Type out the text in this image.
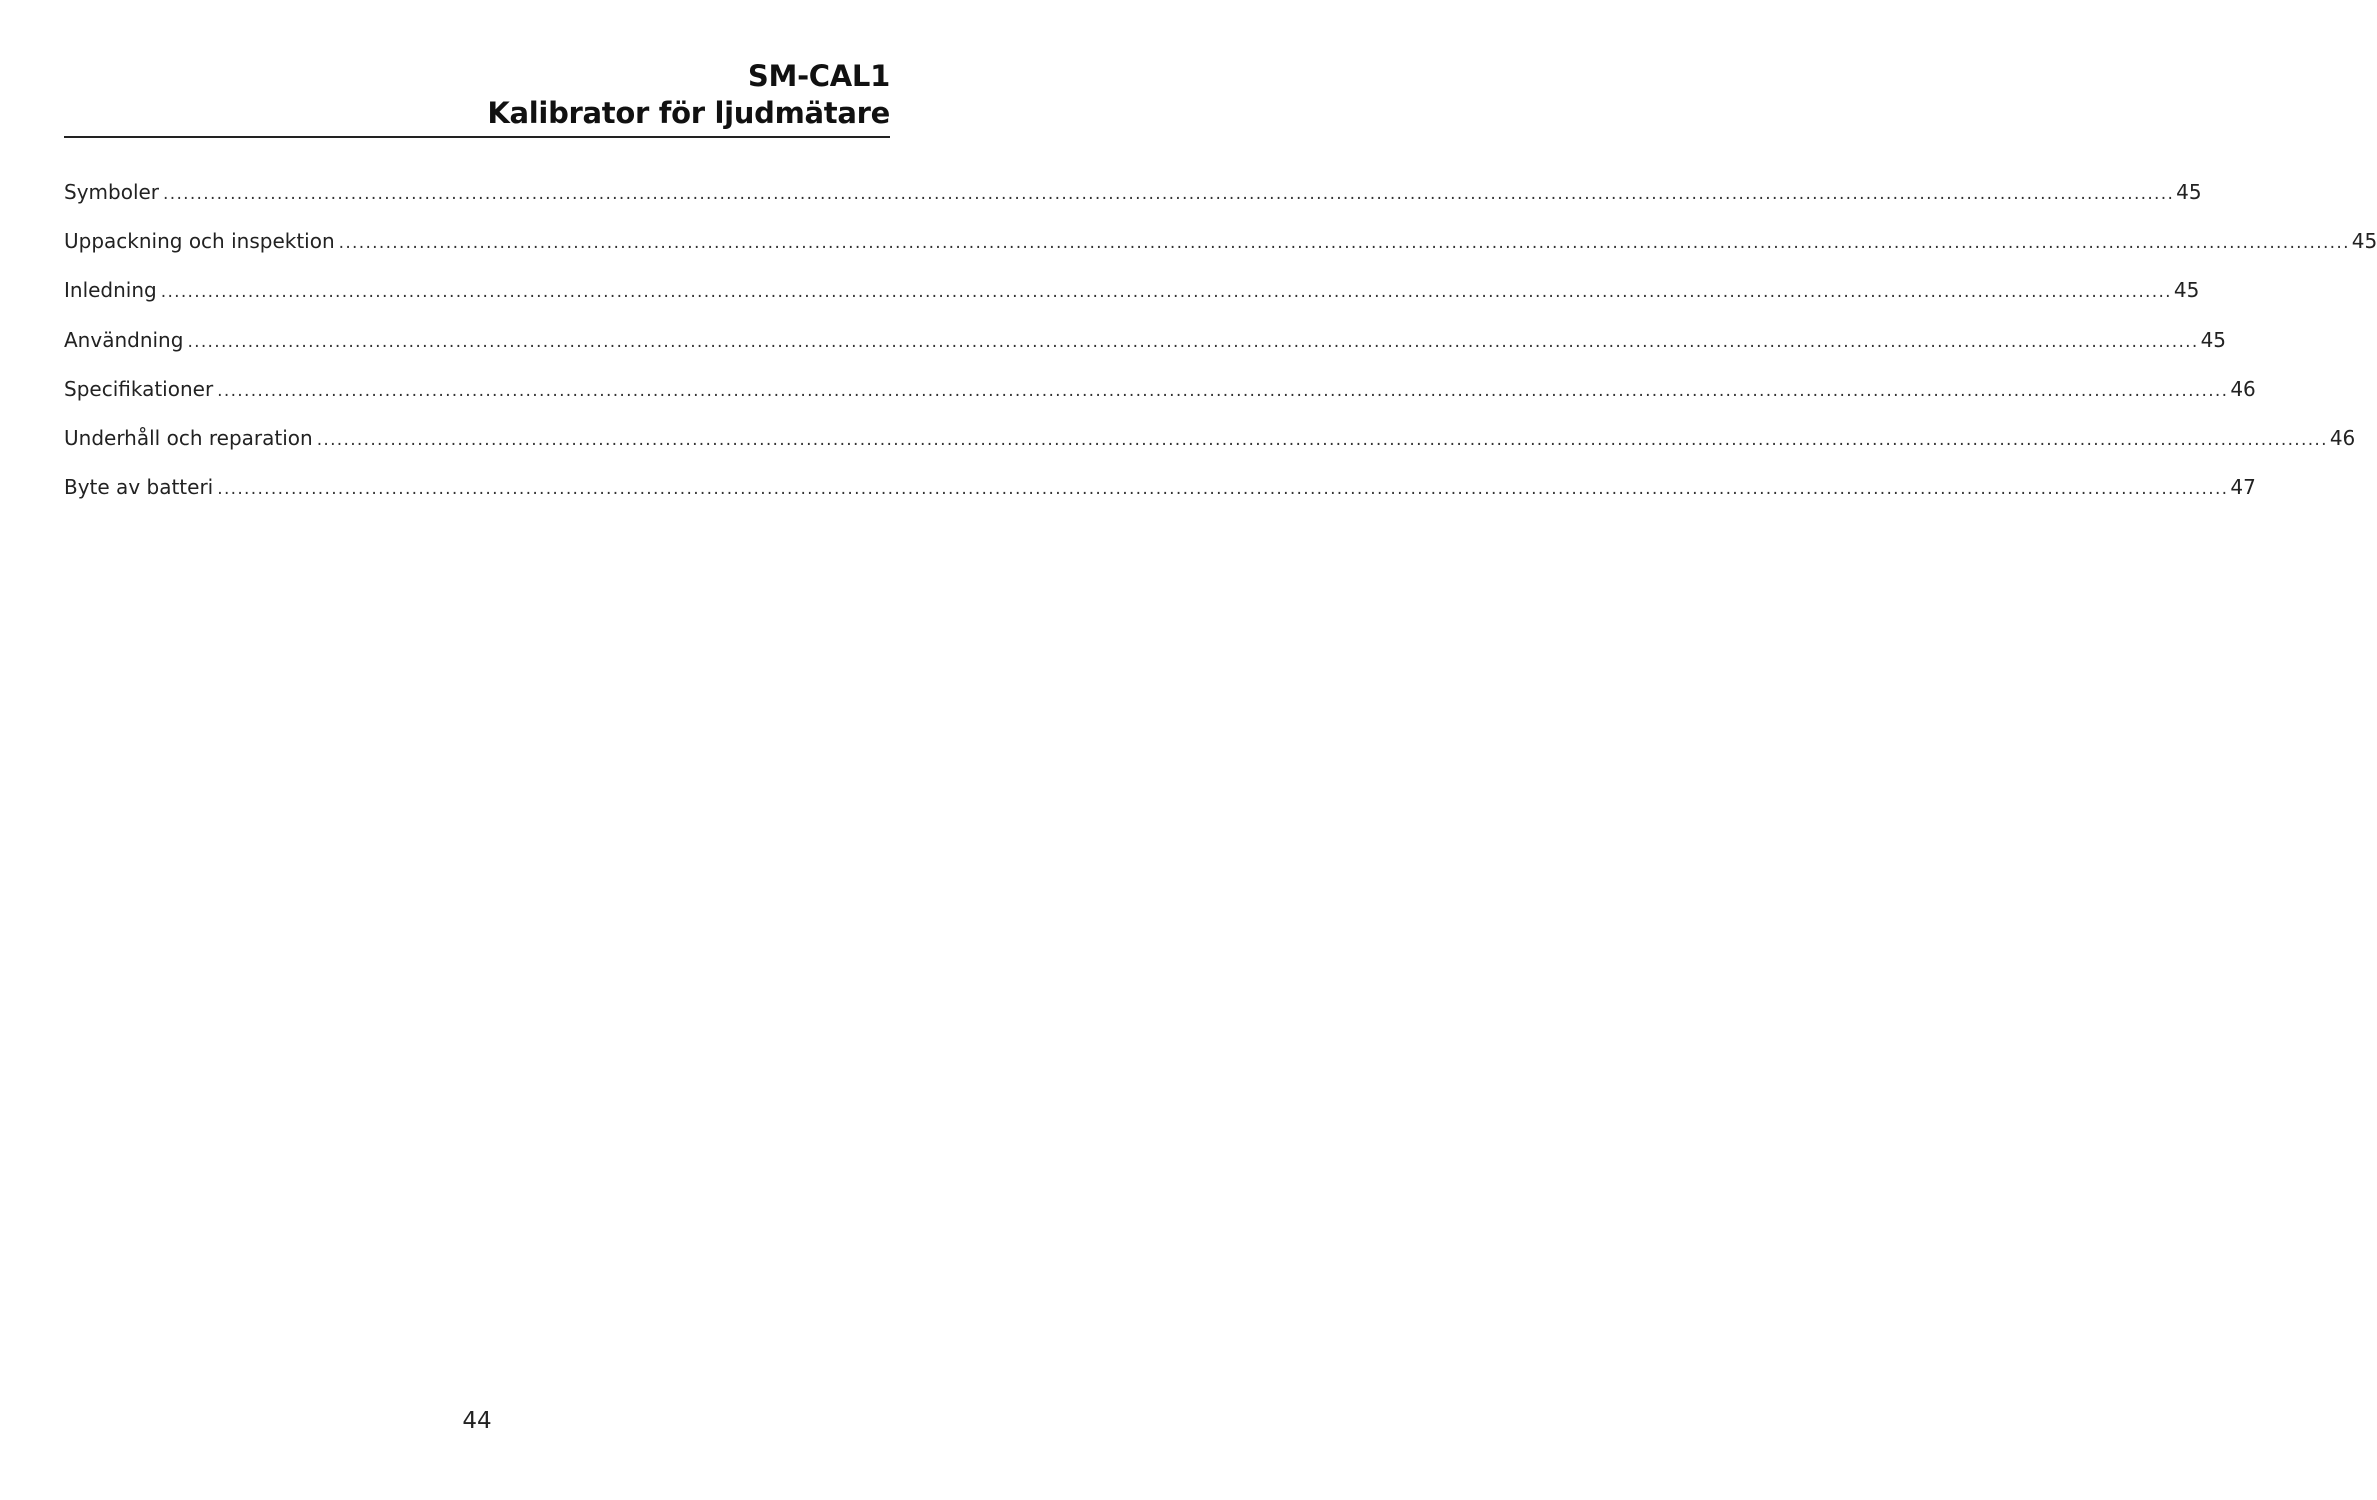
SM-CAL1
Kalibrator för ljudmätare
Symboler ............................................................................................................................................................................................................................................................................................................ 45
Uppackning och inspektion ............................................................................................................................................................................................................................................................................................................ 45
Inledning ............................................................................................................................................................................................................................................................................................................ 45
Användning ............................................................................................................................................................................................................................................................................................................ 45
Specifikationer ............................................................................................................................................................................................................................................................................................................ 46
Underhåll och reparation ............................................................................................................................................................................................................................................................................................................ 46
Byte av batteri ............................................................................................................................................................................................................................................................................................................ 47
44
